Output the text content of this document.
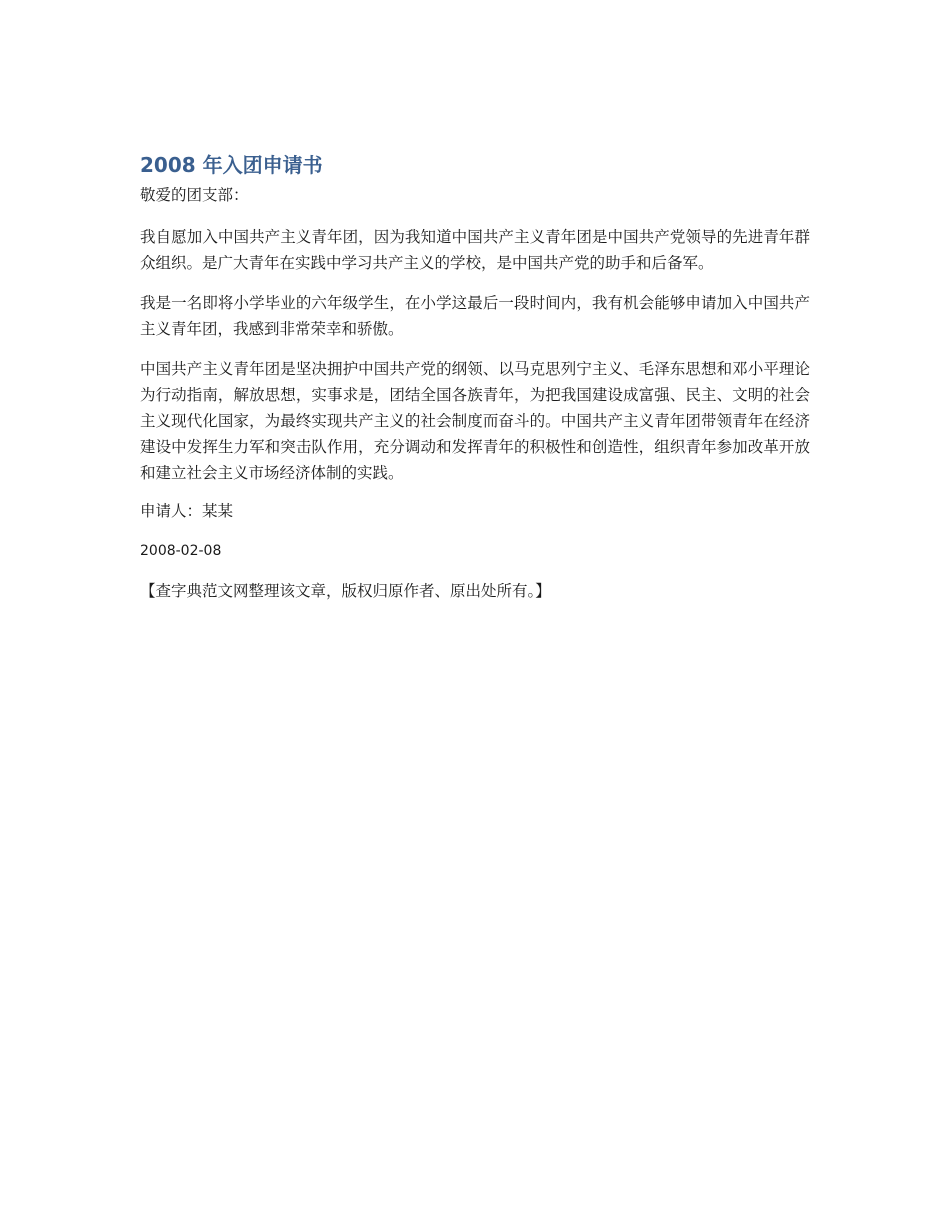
2008 年入团申请书

敬爱的团支部：

我自愿加入中国共产主义青年团，因为我知道中国共产主义青年团是中国共产党领导的先进青年群众组织。是广大青年在实践中学习共产主义的学校，是中国共产党的助手和后备军。

我是一名即将小学毕业的六年级学生，在小学这最后一段时间内，我有机会能够申请加入中国共产主义青年团，我感到非常荣幸和骄傲。

中国共产主义青年团是坚决拥护中国共产党的纲领、以马克思列宁主义、毛泽东思想和邓小平理论为行动指南，解放思想，实事求是，团结全国各族青年，为把我国建设成富强、民主、文明的社会主义现代化国家，为最终实现共产主义的社会制度而奋斗的。中国共产主义青年团带领青年在经济建设中发挥生力军和突击队作用，充分调动和发挥青年的积极性和创造性，组织青年参加改革开放和建立社会主义市场经济体制的实践。

申请人：某某

2008-02-08

【查字典范文网整理该文章，版权归原作者、原出处所有。】
